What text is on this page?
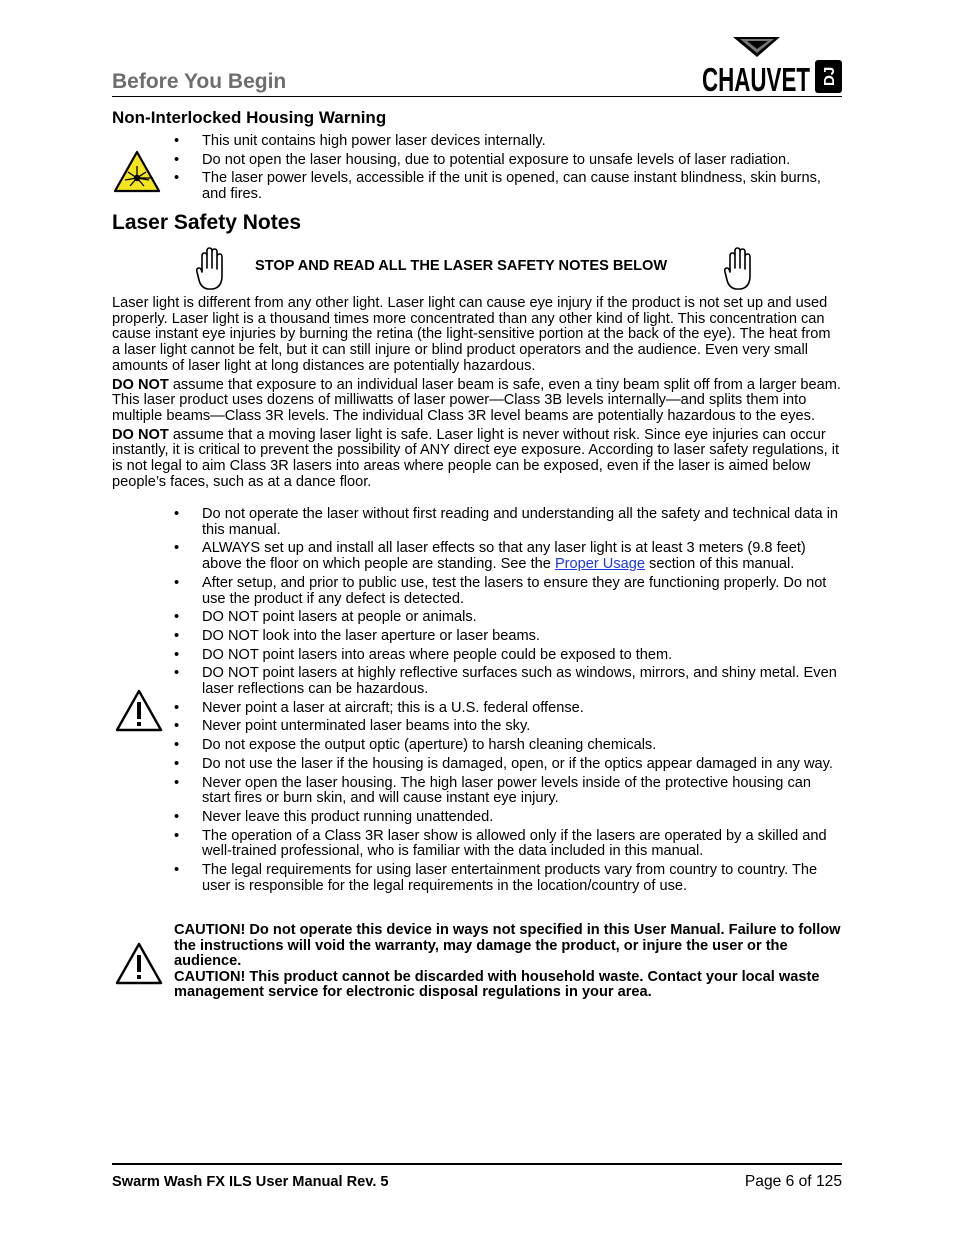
Before You Begin	CHAUVET DJ
Non-Interlocked Housing Warning
• This unit contains high power laser devices internally.
• Do not open the laser housing, due to potential exposure to unsafe levels of laser radiation.
• The laser power levels, accessible if the unit is opened, can cause instant blindness, skin burns, and fires.
Laser Safety Notes
STOP AND READ ALL THE LASER SAFETY NOTES BELOW

Laser light is different from any other light. Laser light can cause eye injury if the product is not set up and used properly. Laser light is a thousand times more concentrated than any other kind of light. This concentration can cause instant eye injuries by burning the retina (the light-sensitive portion at the back of the eye). The heat from a laser light cannot be felt, but it can still injure or blind product operators and the audience. Even very small amounts of laser light at long distances are potentially hazardous.

DO NOT assume that exposure to an individual laser beam is safe, even a tiny beam split off from a larger beam. This laser product uses dozens of milliwatts of laser power—Class 3B levels internally—and splits them into multiple beams—Class 3R levels. The individual Class 3R level beams are potentially hazardous to the eyes.

DO NOT assume that a moving laser light is safe. Laser light is never without risk. Since eye injuries can occur instantly, it is critical to prevent the possibility of ANY direct eye exposure. According to laser safety regulations, it is not legal to aim Class 3R lasers into areas where people can be exposed, even if the laser is aimed below people’s faces, such as at a dance floor.

• Do not operate the laser without first reading and understanding all the safety and technical data in this manual.
• ALWAYS set up and install all laser effects so that any laser light is at least 3 meters (9.8 feet) above the floor on which people are standing. See the Proper Usage section of this manual.
• After setup, and prior to public use, test the lasers to ensure they are functioning properly. Do not use the product if any defect is detected.
• DO NOT point lasers at people or animals.
• DO NOT look into the laser aperture or laser beams.
• DO NOT point lasers into areas where people could be exposed to them.
• DO NOT point lasers at highly reflective surfaces such as windows, mirrors, and shiny metal. Even laser reflections can be hazardous.
• Never point a laser at aircraft; this is a U.S. federal offense.
• Never point unterminated laser beams into the sky.
• Do not expose the output optic (aperture) to harsh cleaning chemicals.
• Do not use the laser if the housing is damaged, open, or if the optics appear damaged in any way.
• Never open the laser housing. The high laser power levels inside of the protective housing can start fires or burn skin, and will cause instant eye injury.
• Never leave this product running unattended.
• The operation of a Class 3R laser show is allowed only if the lasers are operated by a skilled and well-trained professional, who is familiar with the data included in this manual.
• The legal requirements for using laser entertainment products vary from country to country. The user is responsible for the legal requirements in the location/country of use.
CAUTION! Do not operate this device in ways not specified in this User Manual. Failure to follow the instructions will void the warranty, may damage the product, or injure the user or the audience.
CAUTION! This product cannot be discarded with household waste. Contact your local waste management service for electronic disposal regulations in your area.
Swarm Wash FX ILS User Manual Rev. 5	Page 6 of 125
